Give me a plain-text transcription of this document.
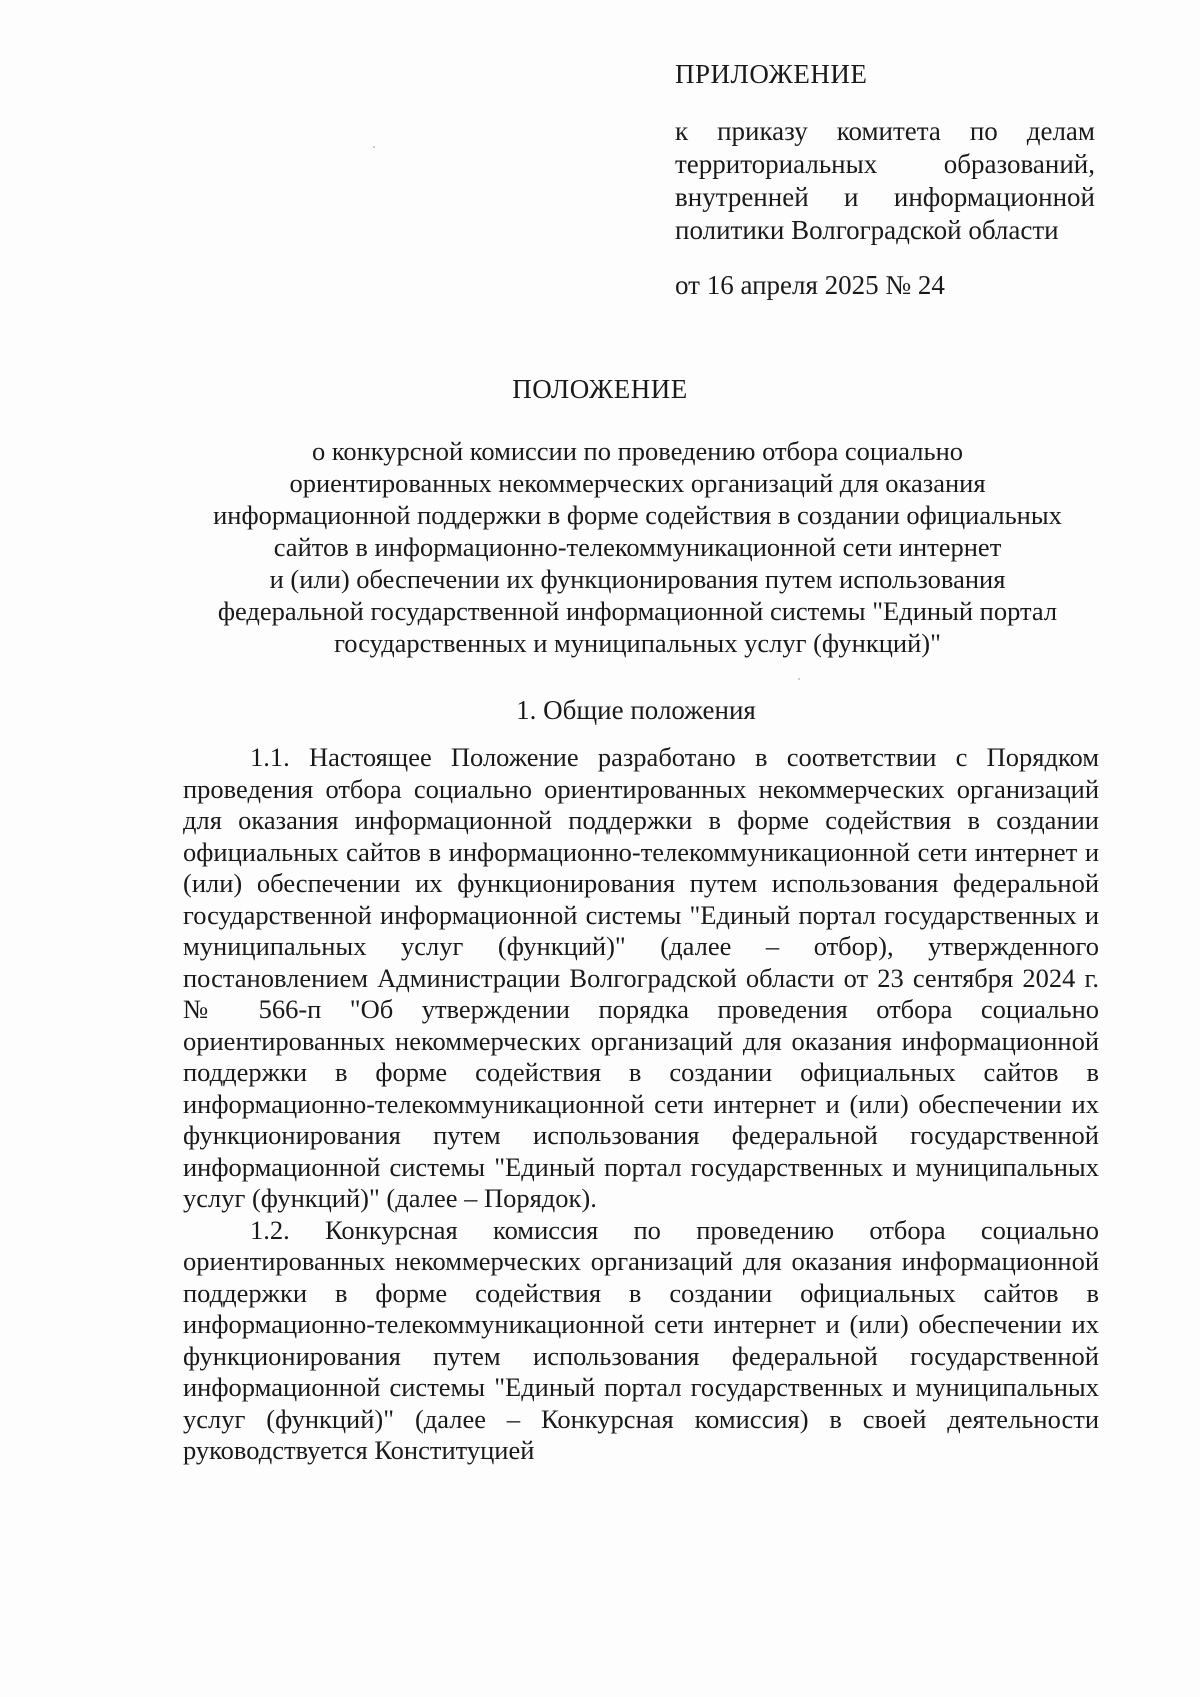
ПРИЛОЖЕНИЕ

к приказу комитета по делам территориальных образований, внутренней и информационной политики Волгоградской области

от 16 апреля 2025 № 24

ПОЛОЖЕНИЕ
о конкурсной комиссии по проведению отбора социально
ориентированных некоммерческих организаций для оказания
информационной поддержки в форме содействия в создании официальных
сайтов в информационно-телекоммуникационной сети интернет
и (или) обеспечении их функционирования путем использования
федеральной государственной информационной системы "Единый портал
государственных и муниципальных услуг (функций)"
1. Общие положения

1.1. Настоящее Положение разработано в соответствии с Порядком проведения отбора социально ориентированных некоммерческих организаций для оказания информационной поддержки в форме содействия в создании официальных сайтов в информационно-телекоммуникационной сети интернет и (или) обеспечении их функционирования путем использования федеральной государственной информационной системы "Единый портал государственных и муниципальных услуг (функций)" (далее – отбор), утвержденного постановлением Администрации Волгоградской области от 23 сентября 2024 г. № 566-п "Об утверждении порядка проведения отбора социально ориентированных некоммерческих организаций для оказания информационной поддержки в форме содействия в создании официальных сайтов в информационно-телекоммуникационной сети интернет и (или) обеспечении их функционирования путем использования федеральной государственной информационной системы "Единый портал государственных и муниципальных услуг (функций)" (далее – Порядок).

1.2. Конкурсная комиссия по проведению отбора социально ориентированных некоммерческих организаций для оказания информационной поддержки в форме содействия в создании официальных сайтов в информационно-телекоммуникационной сети интернет и (или) обеспечении их функционирования путем использования федеральной государственной информационной системы "Единый портал государственных и муниципальных услуг (функций)" (далее – Конкурсная комиссия) в своей деятельности руководствуется Конституцией
